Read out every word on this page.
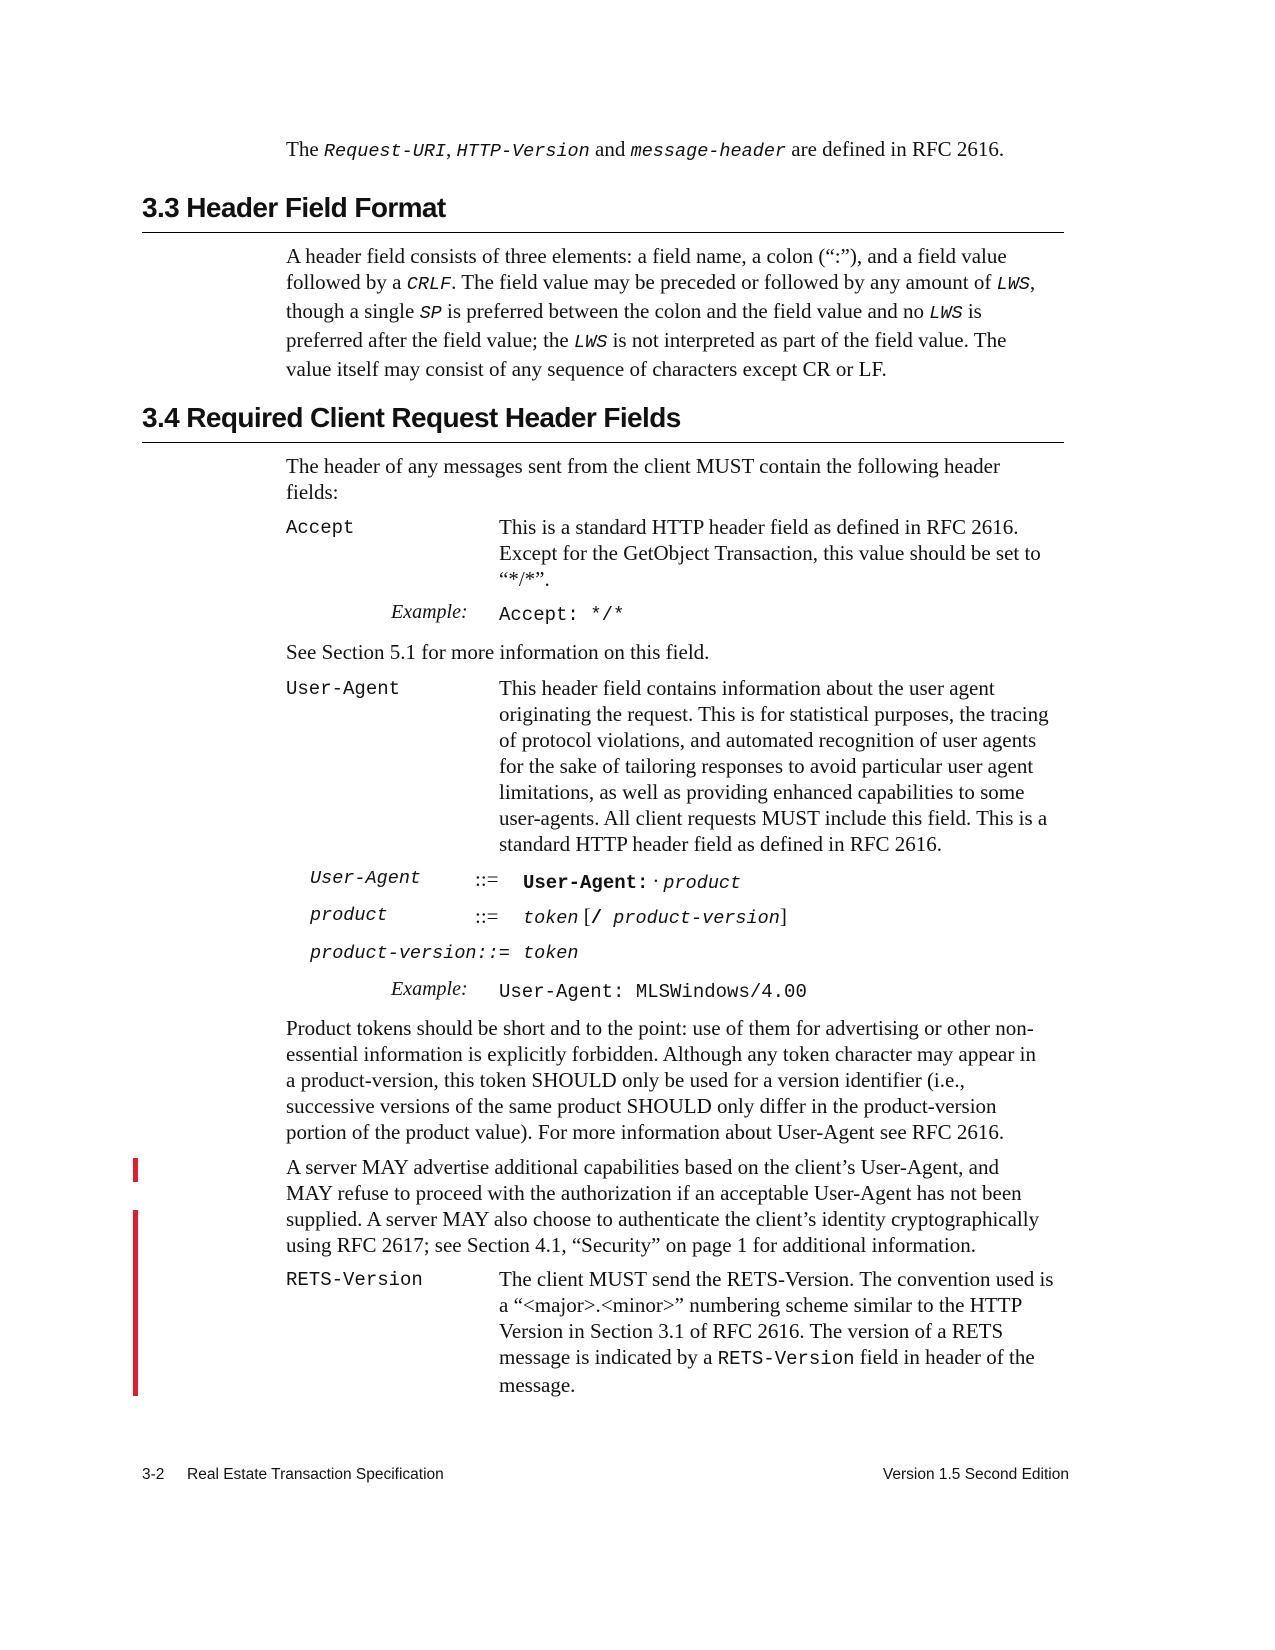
The Request-URI, HTTP-Version and message-header are defined in RFC 2616.
3.3 Header Field Format
A header field consists of three elements: a field name, a colon (“:”), and a field value
followed by a CRLF. The field value may be preceded or followed by any amount of LWS,
though a single SP is preferred between the colon and the field value and no LWS is
preferred after the field value; the LWS is not interpreted as part of the field value. The
value itself may consist of any sequence of characters except CR or LF.
3.4 Required Client Request Header Fields
The header of any messages sent from the client MUST contain the following header
fields:
Accept	This is a standard HTTP header field as defined in RFC 2616.
Except for the GetObject Transaction, this value should be set to
“*/*”.
Example: Accept: */*
See Section 5.1 for more information on this field.
User-Agent	This header field contains information about the user agent
originating the request. This is for statistical purposes, the tracing
of protocol violations, and automated recognition of user agents
for the sake of tailoring responses to avoid particular user agent
limitations, as well as providing enhanced capabilities to some
user-agents. All client requests MUST include this field. This is a
standard HTTP header field as defined in RFC 2616.
User-Agent	::= User-Agent: · product
product	::= token [/ product-version]
product-version::= token
Example: User-Agent: MLSWindows/4.00
Product tokens should be short and to the point: use of them for advertising or other non-
essential information is explicitly forbidden. Although any token character may appear in
a product-version, this token SHOULD only be used for a version identifier (i.e.,
successive versions of the same product SHOULD only differ in the product-version
portion of the product value). For more information about User-Agent see RFC 2616.
A server MAY advertise additional capabilities based on the client’s User-Agent, and
MAY refuse to proceed with the authorization if an acceptable User-Agent has not been
supplied. A server MAY also choose to authenticate the client’s identity cryptographically
using RFC 2617; see Section 4.1, “Security” on page 1 for additional information.
RETS-Version	The client MUST send the RETS-Version. The convention used is
a “<major>.<minor>” numbering scheme similar to the HTTP
Version in Section 3.1 of RFC 2616. The version of a RETS
message is indicated by a RETS-Version field in header of the
message.
3-2 Real Estate Transaction Specification	Version 1.5 Second Edition
